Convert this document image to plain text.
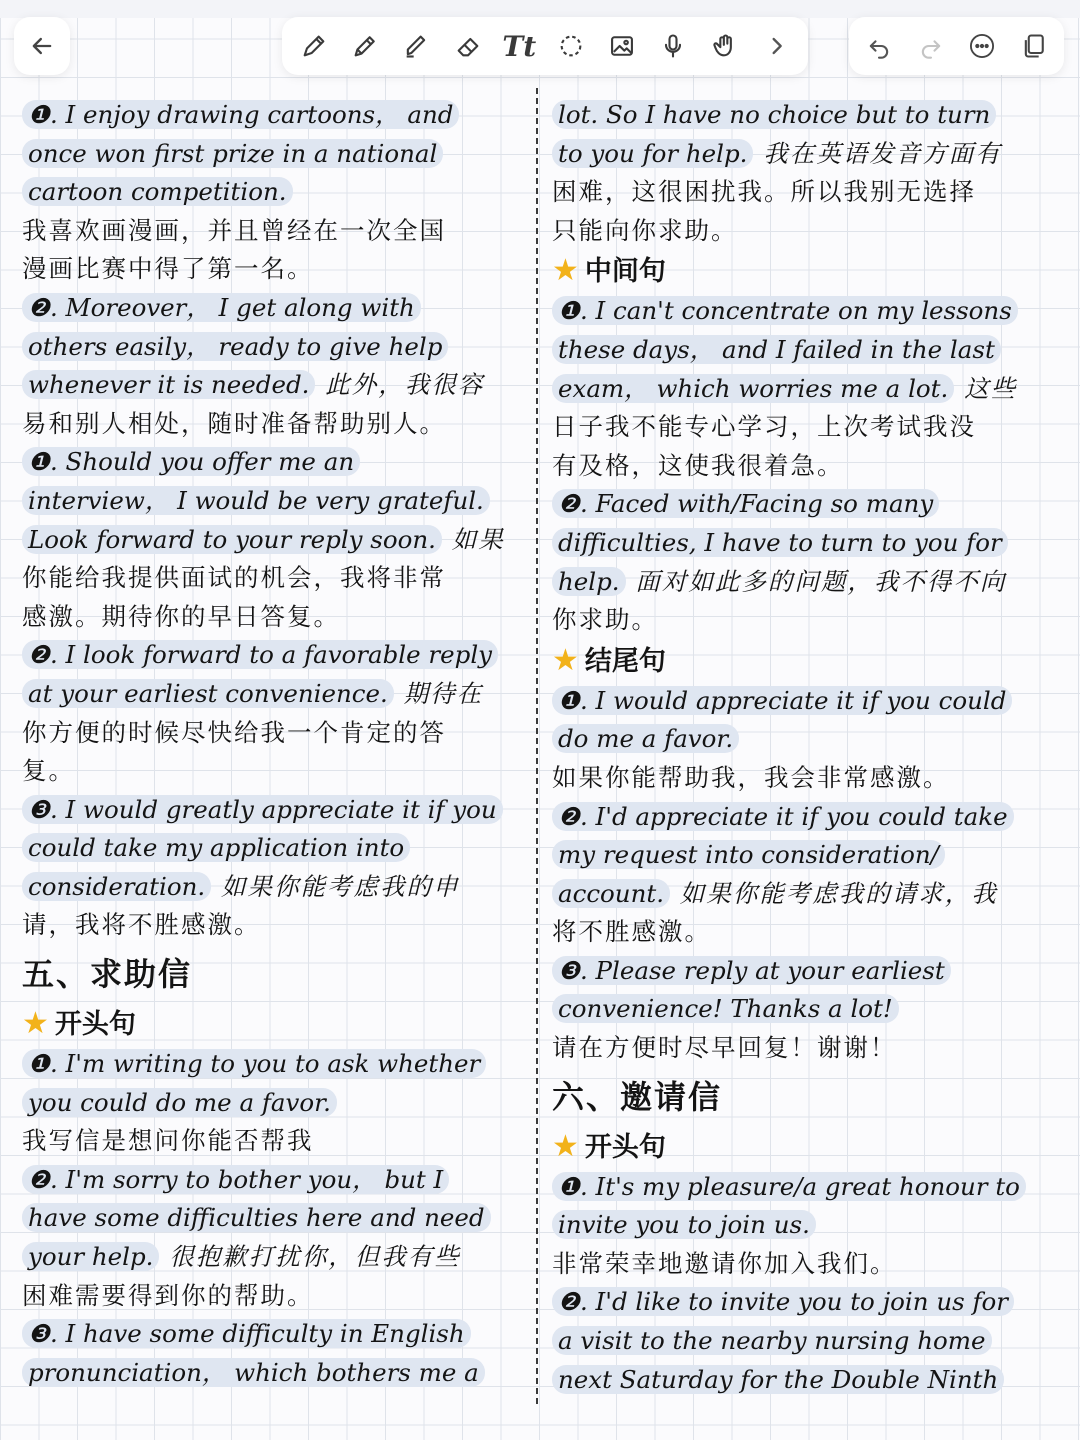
Tt
❶. I enjoy drawing cartoons， and
once won first prize in a national
cartoon competition.
我喜欢画漫画，并且曾经在一次全国
漫画比赛中得了第一名。
❷. Moreover， I get along with
others easily， ready to give help
whenever it is needed. 此外，我很容
易和别人相处，随时准备帮助别人。
❶. Should you offer me an
interview， I would be very grateful.
Look forward to your reply soon. 如果
你能给我提供面试的机会，我将非常
感激。期待你的早日答复。
❷. I look forward to a favorable reply
at your earliest convenience. 期待在
你方便的时候尽快给我一个肯定的答
复。
❸. I would greatly appreciate it if you
could take my application into
consideration. 如果你能考虑我的申
请，我将不胜感激。
五、求助信
★ 开头句
❶. I'm writing to you to ask whether
you could do me a favor.
我写信是想问你能否帮我
❷. I'm sorry to bother you， but I
have some difficulties here and need
your help. 很抱歉打扰你，但我有些
困难需要得到你的帮助。
❸. I have some difficulty in English
pronunciation， which bothers me a
lot. So I have no choice but to turn
to you for help. 我在英语发音方面有
困难，这很困扰我。所以我别无选择
只能向你求助。
★ 中间句
❶. I can't concentrate on my lessons
these days， and I failed in the last
exam， which worries me a lot. 这些
日子我不能专心学习，上次考试我没
有及格，这使我很着急。
❷. Faced with/Facing so many
difficulties, I have to turn to you for
help. 面对如此多的问题，我不得不向
你求助。
★ 结尾句
❶. I would appreciate it if you could
do me a favor.
如果你能帮助我，我会非常感激。
❷. I'd appreciate it if you could take
my request into consideration/
account. 如果你能考虑我的请求，我
将不胜感激。
❸. Please reply at your earliest
convenience! Thanks a lot!
请在方便时尽早回复！谢谢！
六、邀请信
★ 开头句
❶. It's my pleasure/a great honour to
invite you to join us.
非常荣幸地邀请你加入我们。
❷. I'd like to invite you to join us for
a visit to the nearby nursing home
next Saturday for the Double Ninth
